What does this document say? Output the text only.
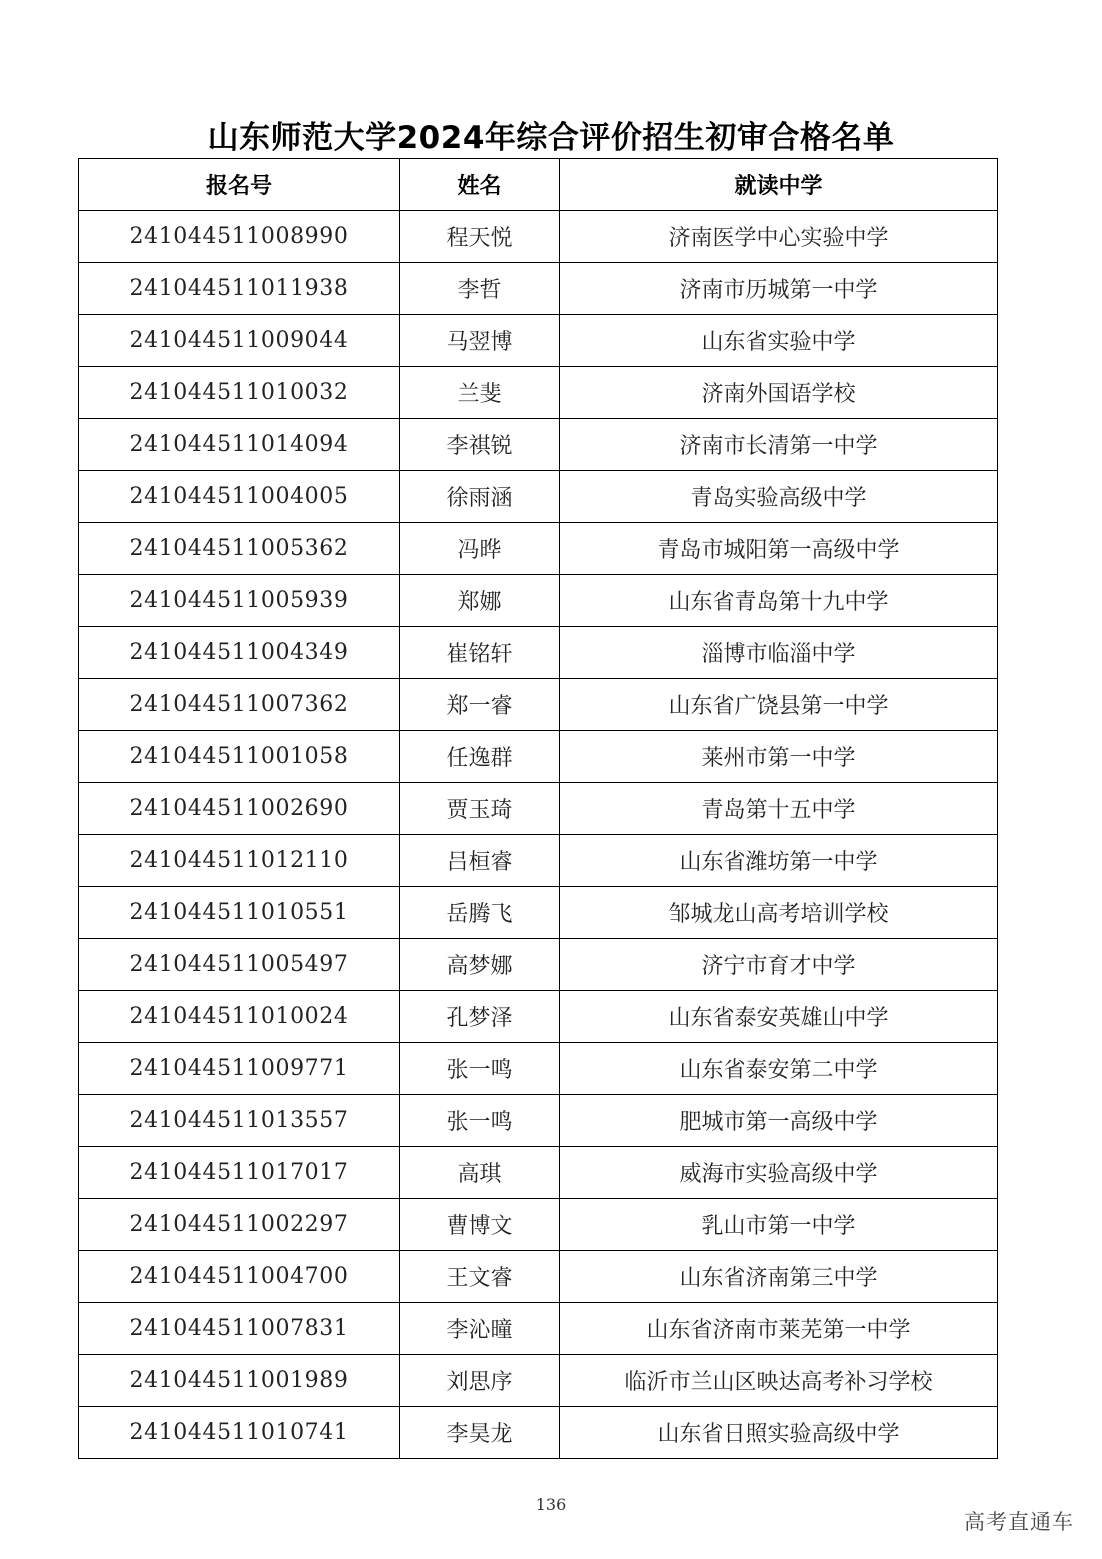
山东师范大学2024年综合评价招生初审合格名单
报名号	姓名	就读中学
241044511008990	程天悦	济南医学中心实验中学
241044511011938	李哲	济南市历城第一中学
241044511009044	马翌博	山东省实验中学
241044511010032	兰斐	济南外国语学校
241044511014094	李祺锐	济南市长清第一中学
241044511004005	徐雨涵	青岛实验高级中学
241044511005362	冯晔	青岛市城阳第一高级中学
241044511005939	郑娜	山东省青岛第十九中学
241044511004349	崔铭轩	淄博市临淄中学
241044511007362	郑一睿	山东省广饶县第一中学
241044511001058	任逸群	莱州市第一中学
241044511002690	贾玉琦	青岛第十五中学
241044511012110	吕桓睿	山东省潍坊第一中学
241044511010551	岳腾飞	邹城龙山高考培训学校
241044511005497	高梦娜	济宁市育才中学
241044511010024	孔梦泽	山东省泰安英雄山中学
241044511009771	张一鸣	山东省泰安第二中学
241044511013557	张一鸣	肥城市第一高级中学
241044511017017	高琪	威海市实验高级中学
241044511002297	曹博文	乳山市第一中学
241044511004700	王文睿	山东省济南第三中学
241044511007831	李沁曈	山东省济南市莱芜第一中学
241044511001989	刘思序	临沂市兰山区映达高考补习学校
241044511010741	李昊龙	山东省日照实验高级中学
136
高考直通车
